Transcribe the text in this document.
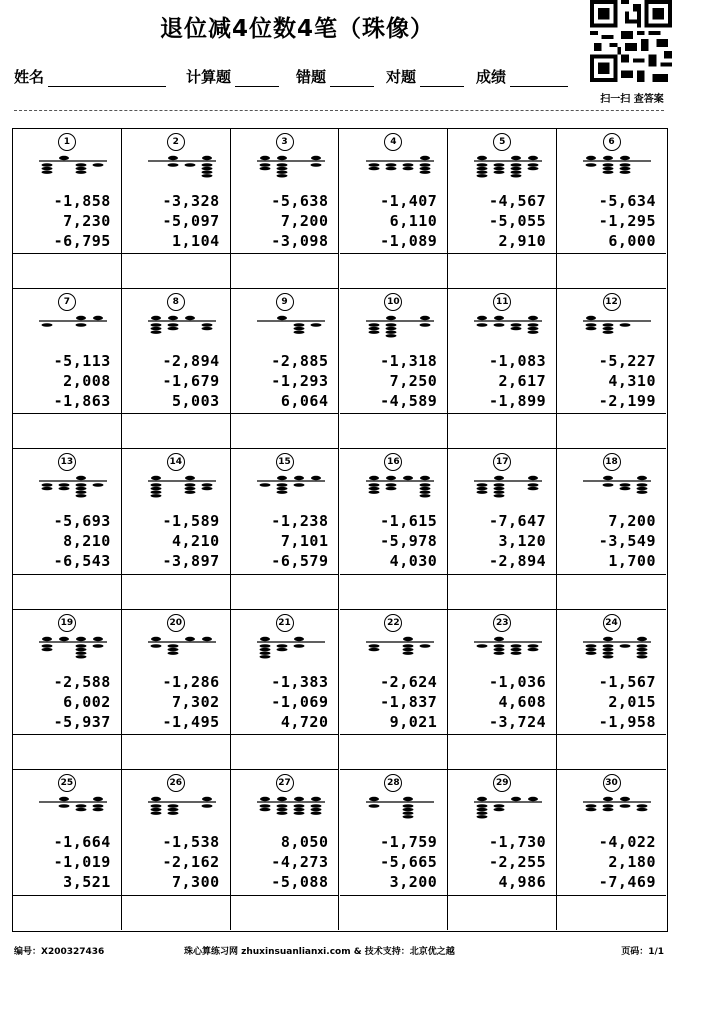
退位减4位数4笔（珠像）
姓名	计算题	错题	对题	成绩
扫一扫 查答案
1
-1,858
7,230
-6,795
2
-3,328
-5,097
1,104
3
-5,638
7,200
-3,098
4
-1,407
6,110
-1,089
5
-4,567
-5,055
2,910
6
-5,634
-1,295
6,000
7
-5,113
2,008
-1,863
8
-2,894
-1,679
5,003
9
-2,885
-1,293
6,064
10
-1,318
7,250
-4,589
11
-1,083
2,617
-1,899
12
-5,227
4,310
-2,199
13
-5,693
8,210
-6,543
14
-1,589
4,210
-3,897
15
-1,238
7,101
-6,579
16
-1,615
-5,978
4,030
17
-7,647
3,120
-2,894
18
7,200
-3,549
1,700
19
-2,588
6,002
-5,937
20
-1,286
7,302
-1,495
21
-1,383
-1,069
4,720
22
-2,624
-1,837
9,021
23
-1,036
4,608
-3,724
24
-1,567
2,015
-1,958
25
-1,664
-1,019
3,521
26
-1,538
-2,162
7,300
27
8,050
-4,273
-5,088
28
-1,759
-5,665
3,200
29
-1,730
-2,255
4,986
30
-4,022
2,180
-7,469
编号：X200327436	珠心算练习网 zhuxinsuanlianxi.com & 技术支持：北京优之越	页码：1/1
